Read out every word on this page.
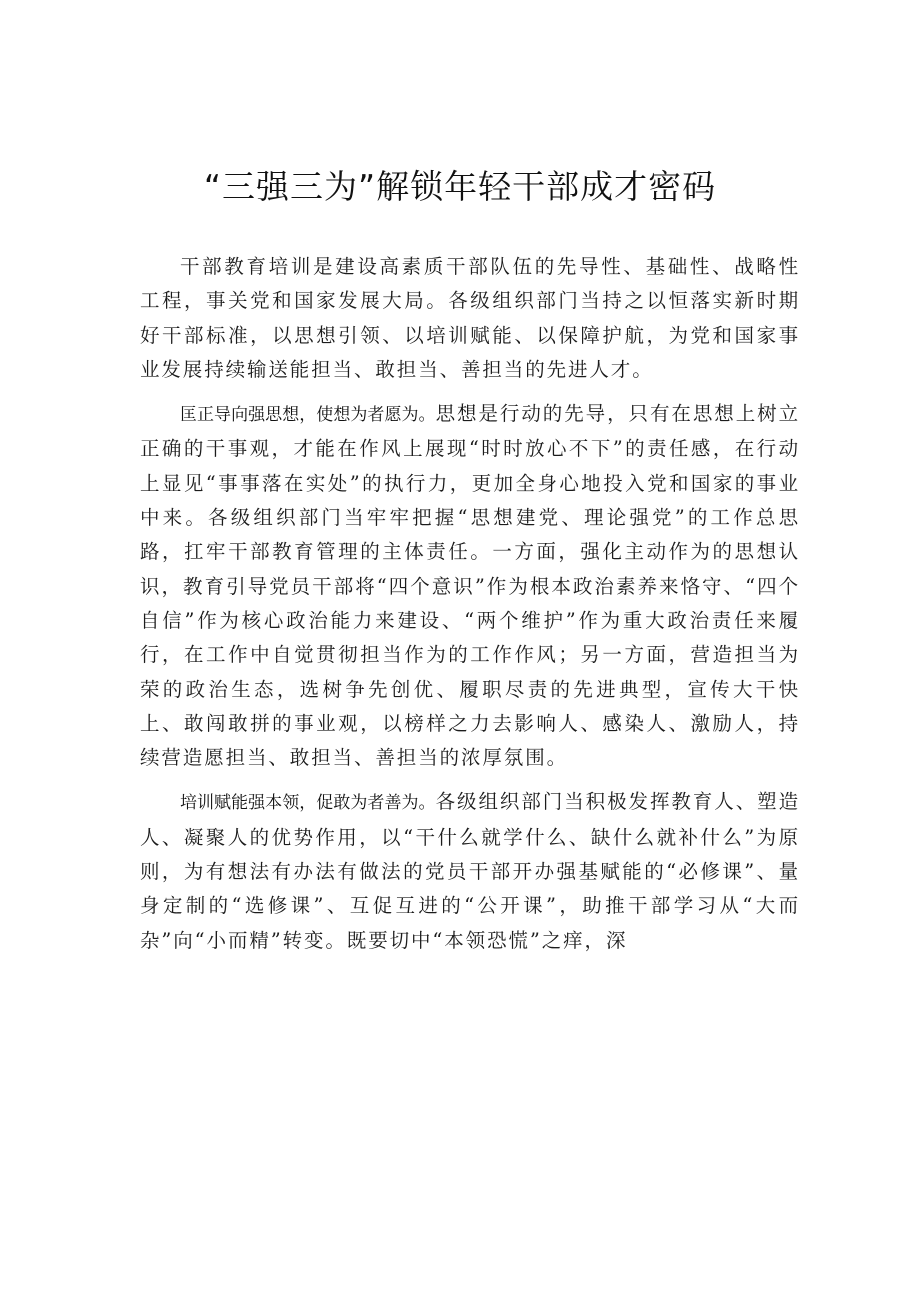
“三强三为”解锁年轻干部成才密码

干部教育培训是建设高素质干部队伍的先导性、基础性、战略性工程，事关党和国家发展大局。各级组织部门当持之以恒落实新时期好干部标准，以思想引领、以培训赋能、以保障护航，为党和国家事业发展持续输送能担当、敢担当、善担当的先进人才。

匡正导向强思想，使想为者愿为。思想是行动的先导，只有在思想上树立正确的干事观，才能在作风上展现“时时放心不下”的责任感，在行动上显见“事事落在实处”的执行力，更加全身心地投入党和国家的事业中来。各级组织部门当牢牢把握“思想建党、理论强党”的工作总思路，扛牢干部教育管理的主体责任。一方面，强化主动作为的思想认识，教育引导党员干部将“四个意识”作为根本政治素养来恪守、“四个自信”作为核心政治能力来建设、“两个维护”作为重大政治责任来履行，在工作中自觉贯彻担当作为的工作作风；另一方面，营造担当为荣的政治生态，选树争先创优、履职尽责的先进典型，宣传大干快上、敢闯敢拼的事业观，以榜样之力去影响人、感染人、激励人，持续营造愿担当、敢担当、善担当的浓厚氛围。

培训赋能强本领，促敢为者善为。各级组织部门当积极发挥教育人、塑造人、凝聚人的优势作用，以“干什么就学什么、缺什么就补什么”为原则，为有想法有办法有做法的党员干部开办强基赋能的“必修课”、量身定制的“选修课”、互促互进的“公开课”，助推干部学习从“大而杂”向“小而精”转变。既要切中“本领恐慌”之痒，深
